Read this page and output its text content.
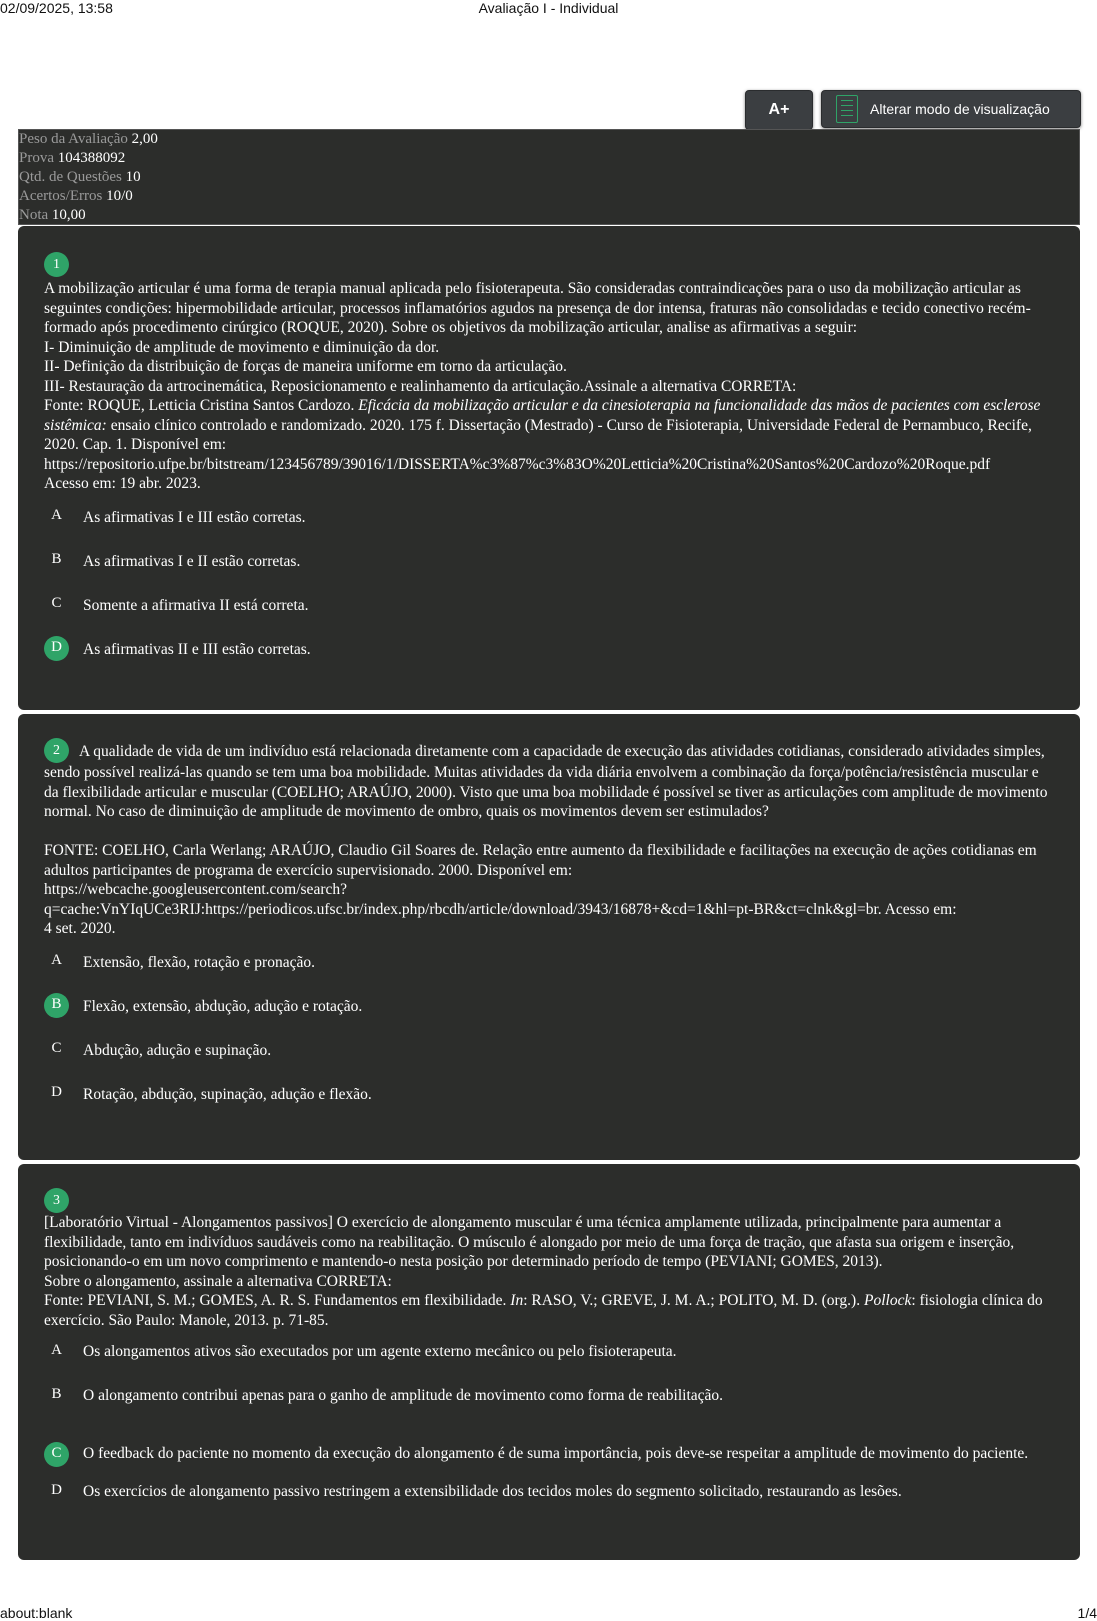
02/09/2025, 13:58	Avaliação I - Individual
A+	Alterar modo de visualização
Peso da Avaliação 2,00
Prova 104388092
Qtd. de Questões 10
Acertos/Erros 10/0
Nota 10,00
1

A mobilização articular é uma forma de terapia manual aplicada pelo fisioterapeuta. São consideradas contraindicações para o uso da mobilização articular as seguintes condições: hipermobilidade articular, processos inflamatórios agudos na presença de dor intensa, fraturas não consolidadas e tecido conectivo recém-formado após procedimento cirúrgico (ROQUE, 2020). Sobre os objetivos da mobilização articular, analise as afirmativas a seguir:

I- Diminuição de amplitude de movimento e diminuição da dor.

II- Definição da distribuição de forças de maneira uniforme em torno da articulação.

III- Restauração da artrocinemática, Reposicionamento e realinhamento da articulação.Assinale a alternativa CORRETA:

Fonte: ROQUE, Letticia Cristina Santos Cardozo. Eficácia da mobilização articular e da cinesioterapia na funcionalidade das mãos de pacientes com esclerose sistêmica: ensaio clínico controlado e randomizado. 2020. 175 f. Dissertação (Mestrado) - Curso de Fisioterapia, Universidade Federal de Pernambuco, Recife, 2020. Cap. 1. Disponível em:

https://repositorio.ufpe.br/bitstream/123456789/39016/1/DISSERTA%c3%87%c3%83O%20Letticia%20Cristina%20Santos%20Cardozo%20Roque.pdf

Acesso em: 19 abr. 2023.

A	As afirmativas I e III estão corretas.
B	As afirmativas I e II estão corretas.
C	Somente a afirmativa II está correta.
D	As afirmativas II e III estão corretas.

2 A qualidade de vida de um indivíduo está relacionada diretamente com a capacidade de execução das atividades cotidianas, considerado atividades simples, sendo possível realizá-las quando se tem uma boa mobilidade. Muitas atividades da vida diária envolvem a combinação da força/potência/resistência muscular e da flexibilidade articular e muscular (COELHO; ARAÚJO, 2000). Visto que uma boa mobilidade é possível se tiver as articulações com amplitude de movimento normal. No caso de diminuição de amplitude de movimento de ombro, quais os movimentos devem ser estimulados?

FONTE: COELHO, Carla Werlang; ARAÚJO, Claudio Gil Soares de. Relação entre aumento da flexibilidade e facilitações na execução de ações cotidianas em adultos participantes de programa de exercício supervisionado. 2000. Disponível em:

https://webcache.googleusercontent.com/search?

q=cache:VnYIqUCe3RIJ:https://periodicos.ufsc.br/index.php/rbcdh/article/download/3943/16878+&cd=1&hl=pt-BR&ct=clnk&gl=br. Acesso em:

4 set. 2020.

A	Extensão, flexão, rotação e pronação.
B	Flexão, extensão, abdução, adução e rotação.
C	Abdução, adução e supinação.
D	Rotação, abdução, supinação, adução e flexão.
3

[Laboratório Virtual - Alongamentos passivos] O exercício de alongamento muscular é uma técnica amplamente utilizada, principalmente para aumentar a flexibilidade, tanto em indivíduos saudáveis como na reabilitação. O músculo é alongado por meio de uma força de tração, que afasta sua origem e inserção, posicionando-o em um novo comprimento e mantendo-o nesta posição por determinado período de tempo (PEVIANI; GOMES, 2013).

Sobre o alongamento, assinale a alternativa CORRETA:

Fonte: PEVIANI, S. M.; GOMES, A. R. S. Fundamentos em flexibilidade. In: RASO, V.; GREVE, J. M. A.; POLITO, M. D. (org.). Pollock: fisiologia clínica do exercício. São Paulo: Manole, 2013. p. 71-85.

A	Os alongamentos ativos são executados por um agente externo mecânico ou pelo fisioterapeuta.
B	O alongamento contribui apenas para o ganho de amplitude de movimento como forma de reabilitação.
C	O feedback do paciente no momento da execução do alongamento é de suma importância, pois deve-se respeitar a amplitude de movimento do paciente.
D	Os exercícios de alongamento passivo restringem a extensibilidade dos tecidos moles do segmento solicitado, restaurando as lesões.
about:blank	1/4
